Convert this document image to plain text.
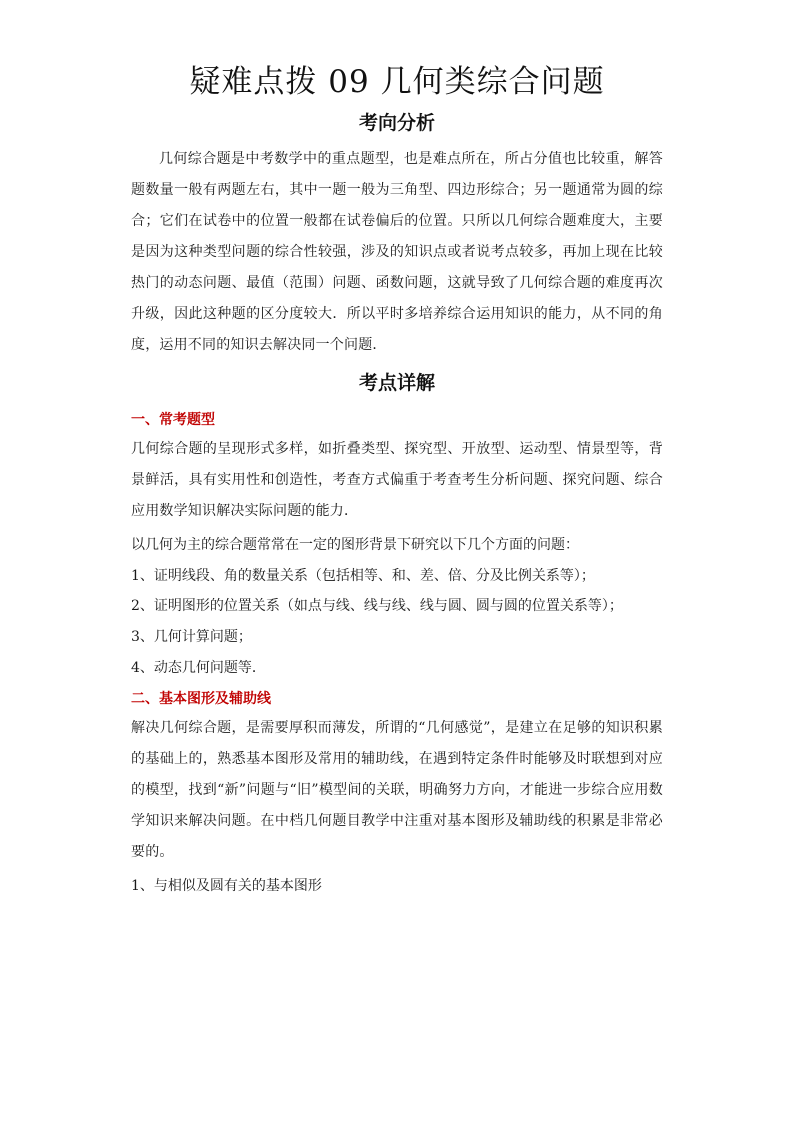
疑难点拨 09 几何类综合问题
考向分析

几何综合题是中考数学中的重点题型，也是难点所在，所占分值也比较重，解答题数量一般有两题左右，其中一题一般为三角型、四边形综合；另一题通常为圆的综合；它们在试卷中的位置一般都在试卷偏后的位置。只所以几何综合题难度大，主要是因为这种类型问题的综合性较强，涉及的知识点或者说考点较多，再加上现在比较热门的动态问题、最值（范围）问题、函数问题，这就导致了几何综合题的难度再次升级，因此这种题的区分度较大．所以平时多培养综合运用知识的能力，从不同的角度，运用不同的知识去解决同一个问题．

考点详解

一、常考题型

几何综合题的呈现形式多样，如折叠类型、探究型、开放型、运动型、情景型等，背景鲜活，具有实用性和创造性，考查方式偏重于考查考生分析问题、探究问题、综合应用数学知识解决实际问题的能力．

以几何为主的综合题常常在一定的图形背景下研究以下几个方面的问题：

1、证明线段、角的数量关系（包括相等、和、差、倍、分及比例关系等）；

2、证明图形的位置关系（如点与线、线与线、线与圆、圆与圆的位置关系等）；

3、几何计算问题；

4、动态几何问题等．

二、基本图形及辅助线

解决几何综合题，是需要厚积而薄发，所谓的“几何感觉”，是建立在足够的知识积累的基础上的，熟悉基本图形及常用的辅助线，在遇到特定条件时能够及时联想到对应的模型，找到“新”问题与“旧”模型间的关联，明确努力方向，才能进一步综合应用数学知识来解决问题。在中档几何题目教学中注重对基本图形及辅助线的积累是非常必要的。

1、与相似及圆有关的基本图形
